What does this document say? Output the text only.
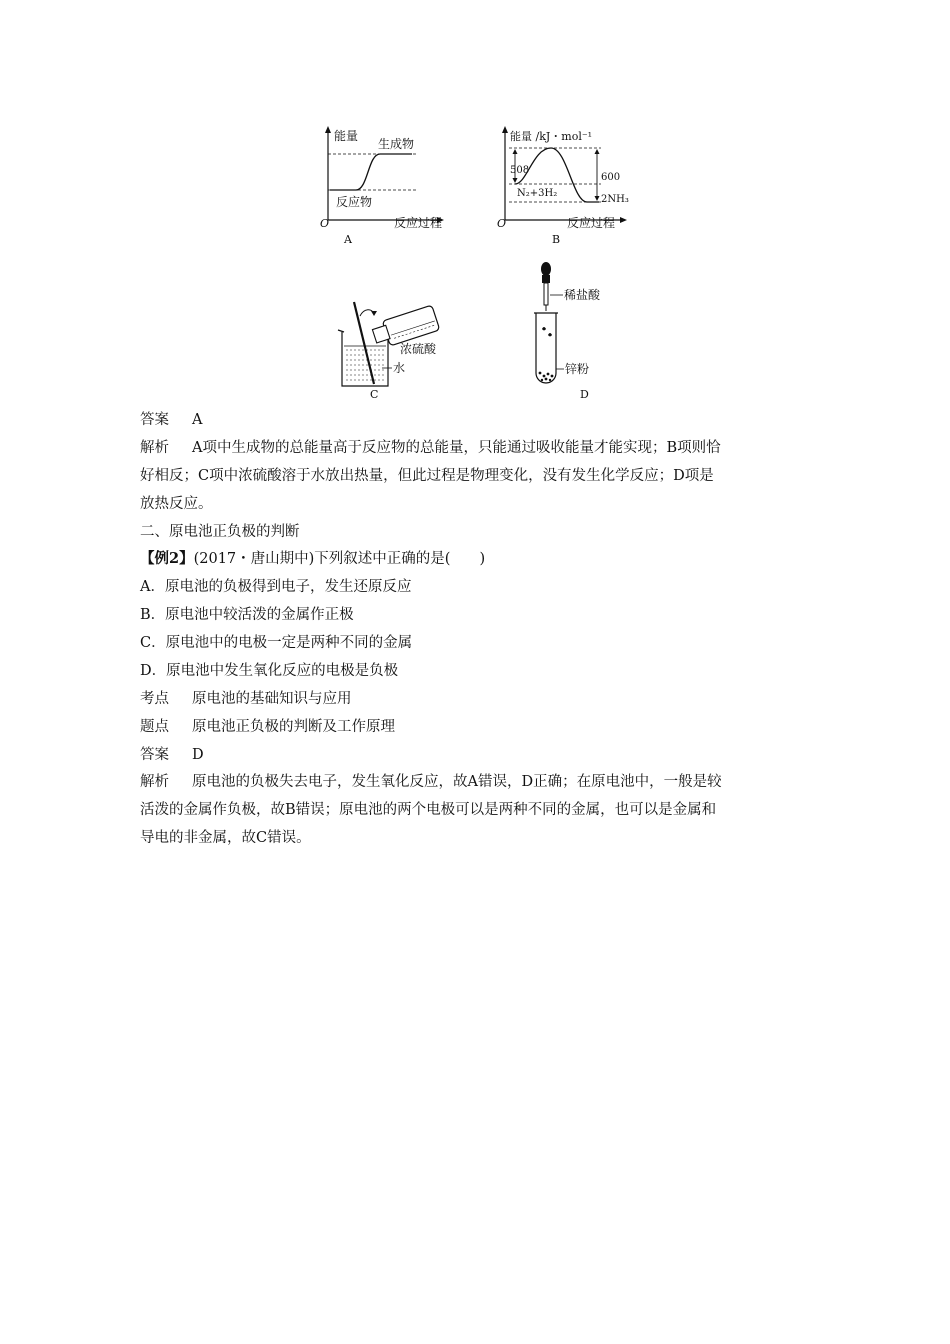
能量
生成物
反应物
O	反应过程
A
能量 /kJ・mol⁻¹
508
600
N₂+3H₂
2NH₃
O	反应过程
B
浓硫酸
水
C
稀盐酸
锌粉
D
答案 A
解析 A项中生成物的总能量高于反应物的总能量，只能通过吸收能量才能实现；B项则恰
好相反；C项中浓硫酸溶于水放出热量，但此过程是物理变化，没有发生化学反应；D项是
放热反应。
二、原电池正负极的判断
【例2】(2017・唐山期中)下列叙述中正确的是(　　)
A．原电池的负极得到电子，发生还原反应
B．原电池中较活泼的金属作正极
C．原电池中的电极一定是两种不同的金属
D．原电池中发生氧化反应的电极是负极
考点 原电池的基础知识与应用
题点 原电池正负极的判断及工作原理
答案 D
解析 原电池的负极失去电子，发生氧化反应，故A错误，D正确；在原电池中，一般是较
活泼的金属作负极，故B错误；原电池的两个电极可以是两种不同的金属，也可以是金属和
导电的非金属，故C错误。
